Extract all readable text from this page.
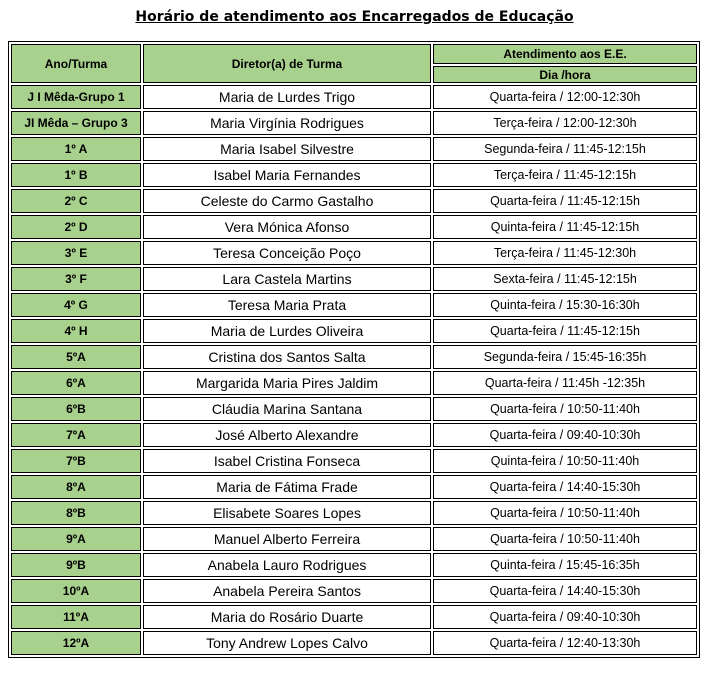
Horário de atendimento aos Encarregados de Educação
Ano/Turma	Diretor(a) de Turma	Atendimento aos E.E.
		Dia /hora
J I Mêda-Grupo 1	Maria de Lurdes Trigo	Quarta-feira / 12:00-12:30h
JI Mêda – Grupo 3	Maria Virgínia Rodrigues	Terça-feira / 12:00-12:30h
1º A	Maria Isabel Silvestre	Segunda-feira / 11:45-12:15h
1º B	Isabel Maria Fernandes	Terça-feira / 11:45-12:15h
2º C	Celeste do Carmo Gastalho	Quarta-feira / 11:45-12:15h
2º D	Vera Mónica Afonso	Quinta-feira / 11:45-12:15h
3º E	Teresa Conceição Poço	Terça-feira / 11:45-12:30h
3º F	Lara Castela Martins	Sexta-feira / 11:45-12:15h
4º G	Teresa Maria Prata	Quinta-feira / 15:30-16:30h
4º H	Maria de Lurdes Oliveira	Quarta-feira / 11:45-12:15h
5ºA	Cristina dos Santos Salta	Segunda-feira / 15:45-16:35h
6ºA	Margarida Maria Pires Jaldim	Quarta-feira / 11:45h -12:35h
6ºB	Cláudia Marina Santana	Quarta-feira / 10:50-11:40h
7ºA	José Alberto Alexandre	Quarta-feira / 09:40-10:30h
7ºB	Isabel Cristina Fonseca	Quinta-feira / 10:50-11:40h
8ºA	Maria de Fátima Frade	Quarta-feira / 14:40-15:30h
8ºB	Elisabete Soares Lopes	Quarta-feira / 10:50-11:40h
9ºA	Manuel Alberto Ferreira	Quarta-feira / 10:50-11:40h
9ºB	Anabela Lauro Rodrigues	Quinta-feira / 15:45-16:35h
10ºA	Anabela Pereira Santos	Quarta-feira / 14:40-15:30h
11ºA	Maria do Rosário Duarte	Quarta-feira / 09:40-10:30h
12ºA	Tony Andrew Lopes Calvo	Quarta-feira / 12:40-13:30h
